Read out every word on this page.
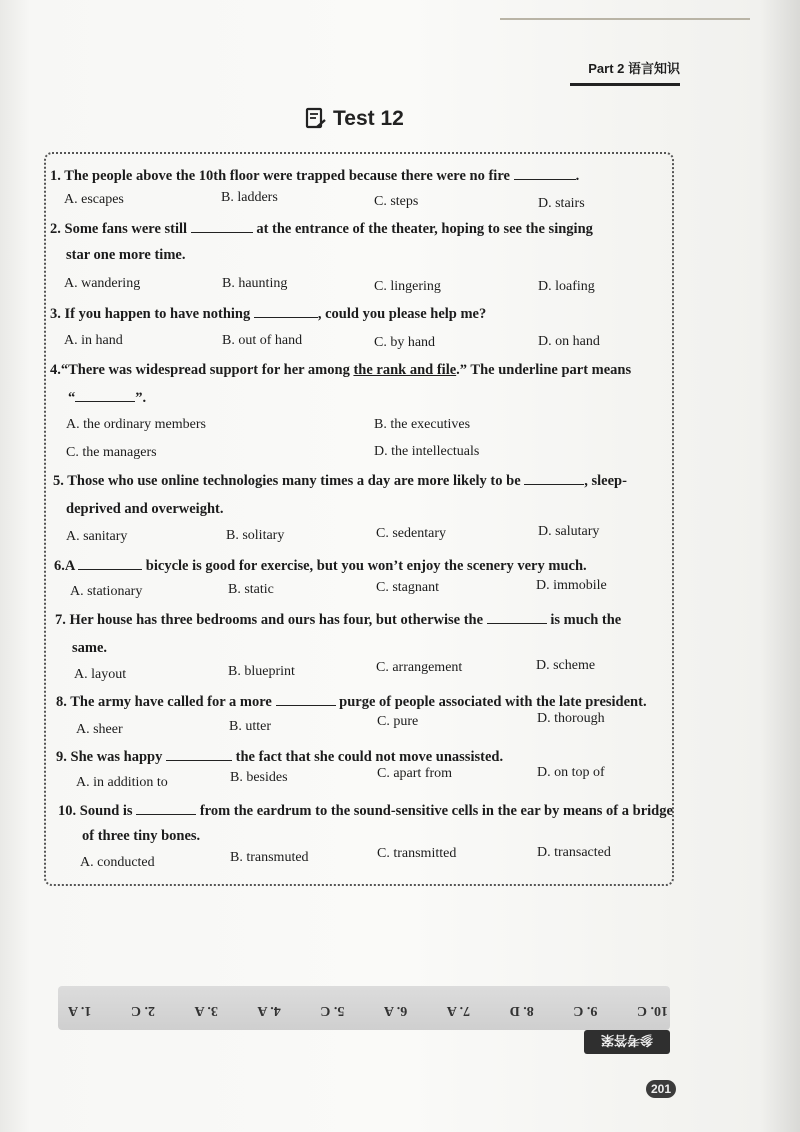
Part 2 语言知识
Test 12
1. The people above the 10th floor were trapped because there were no fire	.
A. escapes	B. ladders	C. steps	D. stairs
2. Some fans were still	at the entrance of the theater, hoping to see the singing
star one more time.
A. wandering	B. haunting	C. lingering	D. loafing
3. If you happen to have nothing	, could you please help me?
A. in hand	B. out of hand	C. by hand	D. on hand
4.“There was widespread support for her among the rank and file.” The underline part means
“	”.
A. the ordinary members	B. the executives
C. the managers	D. the intellectuals
5. Those who use online technologies many times a day are more likely to be	, sleep-
deprived and overweight.
A. sanitary	B. solitary	C. sedentary	D. salutary
6.A	bicycle is good for exercise, but you won’t enjoy the scenery very much.
A. stationary	B. static	C. stagnant	D. immobile
7. Her house has three bedrooms and ours has four, but otherwise the	is much the
same.
A. layout	B. blueprint	C. arrangement	D. scheme
8. The army have called for a more	purge of people associated with the late president.
A. sheer	B. utter	C. pure	D. thorough
9. She was happy	the fact that she could not move unassisted.
A. in addition to	B. besides	C. apart from	D. on top of
10. Sound is	from the eardrum to the sound-sensitive cells in the ear by means of a bridge
of three tiny bones.
A. conducted	B. transmuted	C. transmitted	D. transacted
1. A	2. C	3. A	4. A	5. C	6. A	7. A	8. D	9. C	10. C
参考答案
201
